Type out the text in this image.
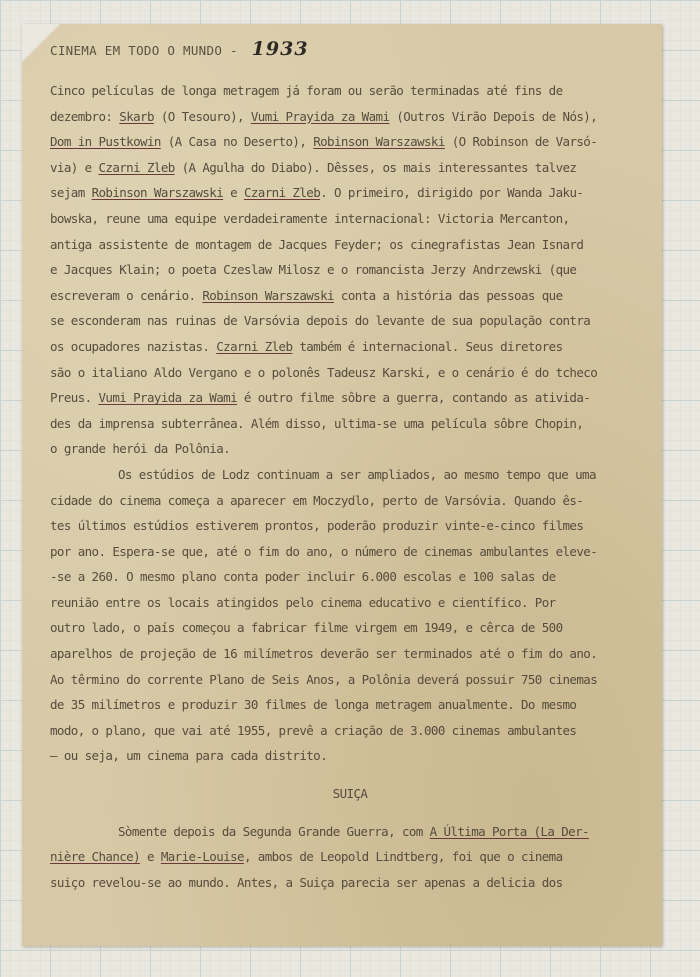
CINEMA EM TODO O MUNDO - 1933
Cinco películas de longa metragem já foram ou serão terminadas até fins de
dezembro: Skarb (O Tesouro), Vumi Prayida za Wami (Outros Virão Depois de Nós),
Dom in Pustkowin (A Casa no Deserto), Robinson Warszawski (O Robinson de Varsó-
via) e Czarni Zleb (A Agulha do Diabo). Dêsses, os mais interessantes talvez
sejam Robinson Warszawski e Czarni Zleb. O primeiro, dirigido por Wanda Jaku-
bowska, reune uma equipe verdadeiramente internacional: Victoria Mercanton,
antiga assistente de montagem de Jacques Feyder; os cinegrafistas Jean Isnard
e Jacques Klain; o poeta Czeslaw Milosz e o romancista Jerzy Andrzewski (que
escreveram o cenário. Robinson Warszawski conta a história das pessoas que
se esconderam nas ruinas de Varsóvia depois do levante de sua população contra
os ocupadores nazistas. Czarni Zleb também é internacional. Seus diretores
são o italiano Aldo Vergano e o polonês Tadeusz Karski, e o cenário é do tcheco
Preus. Vumi Prayida za Wami é outro filme sôbre a guerra, contando as ativida-
des da imprensa subterrânea. Além disso, ultima-se uma película sôbre Chopin,
o grande herói da Polônia.
Os estúdios de Lodz continuam a ser ampliados, ao mesmo tempo que uma
cidade do cinema começa a aparecer em Moczydlo, perto de Varsóvia. Quando ês-
tes últimos estúdios estiverem prontos, poderão produzir vinte-e-cinco filmes
por ano. Espera-se que, até o fim do ano, o número de cinemas ambulantes eleve-
-se a 260. O mesmo plano conta poder incluir 6.000 escolas e 100 salas de
reunião entre os locais atingidos pelo cinema educativo e científico. Por
outro lado, o país começou a fabricar filme virgem em 1949, e cêrca de 500
aparelhos de projeção de 16 milímetros deverão ser terminados até o fim do ano.
Ao têrmino do corrente Plano de Seis Anos, a Polônia deverá possuir 750 cinemas
de 35 milímetros e produzir 30 filmes de longa metragem anualmente. Do mesmo
modo, o plano, que vai até 1955, prevê a criação de 3.000 cinemas ambulantes
— ou seja, um cinema para cada distrito.
SUIÇA
Sòmente depois da Segunda Grande Guerra, com A Última Porta (La Der-
nière Chance) e Marie-Louise, ambos de Leopold Lindtberg, foi que o cinema
suiço revelou-se ao mundo. Antes, a Suiça parecia ser apenas a delicia dos
